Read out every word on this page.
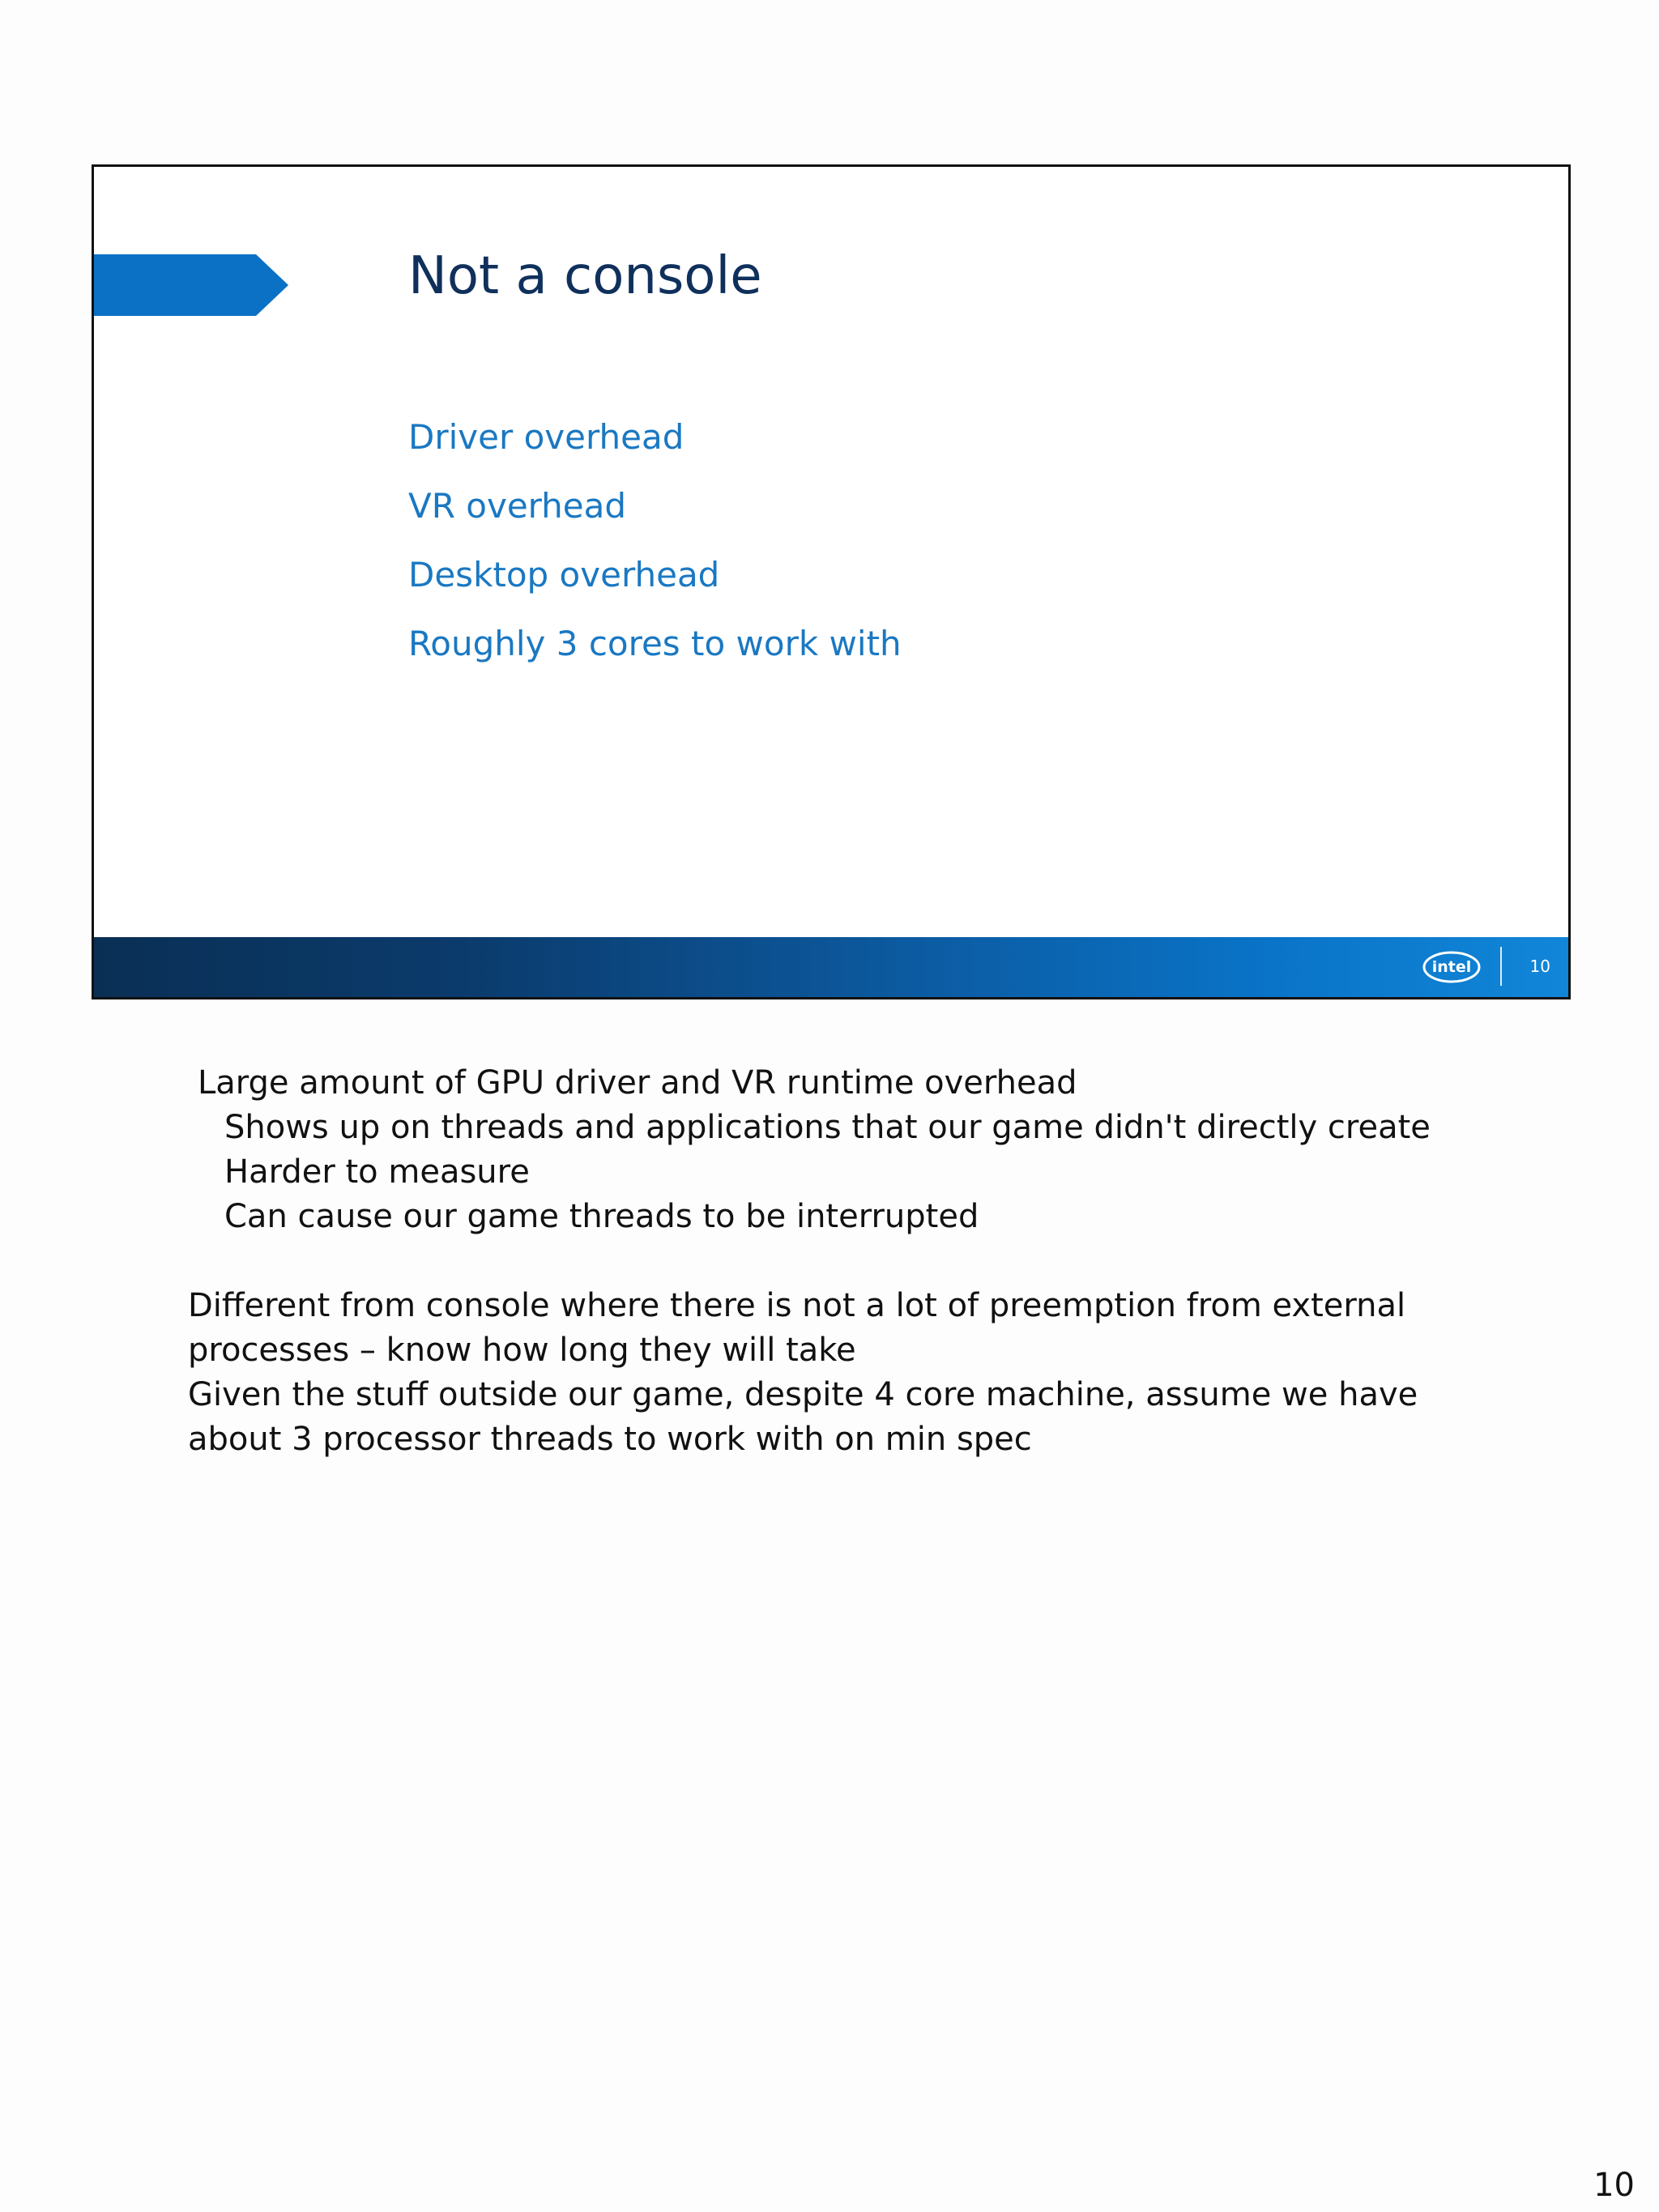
Not a console
Driver overhead
VR overhead
Desktop overhead
Roughly 3 cores to work with
intel	10
Large amount of GPU driver and VR runtime overhead
Shows up on threads and applications that our game didn't directly create
Harder to measure
Can cause our game threads to be interrupted
Different from console where there is not a lot of preemption from external
processes – know how long they will take
Given the stuff outside our game, despite 4 core machine, assume we have
about 3 processor threads to work with on min spec
10
